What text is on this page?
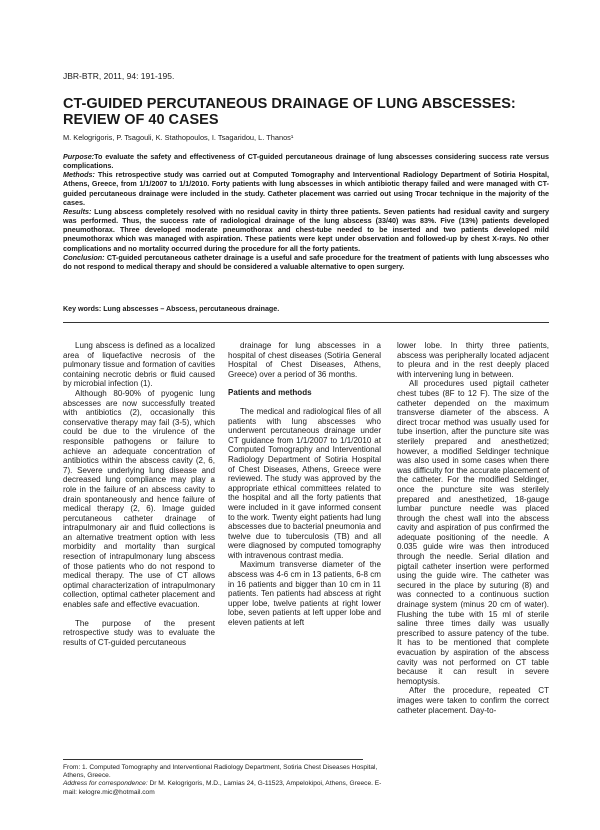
JBR-BTR, 2011, 94: 191-195.
CT-GUIDED PERCUTANEOUS DRAINAGE OF LUNG ABSCESSES: REVIEW OF 40 CASES
M. Kelogrigoris, P. Tsagouli, K. Stathopoulos, I. Tsagaridou, L. Thanos¹

Purpose:To evaluate the safety and effectiveness of CT-guided percutaneous drainage of lung abscesses considering success rate versus complications.

Methods: This retrospective study was carried out at Computed Tomography and Interventional Radiology Department of Sotiria Hospital, Athens, Greece, from 1/1/2007 to 1/1/2010. Forty patients with lung abscesses in which antibiotic therapy failed and were managed with CT-guided percutaneous drainage were included in the study. Catheter placement was carried out using Trocar technique in the majority of the cases.

Results: Lung abscess completely resolved with no residual cavity in thirty three patients. Seven patients had residual cavity and surgery was performed. Thus, the success rate of radiological drainage of the lung abscess (33/40) was 83%. Five (13%) patients developed pneumothorax. Three developed moderate pneumothorax and chest-tube needed to be inserted and two patients developed mild pneumothorax which was managed with aspiration. These patients were kept under observation and followed-up by chest X-rays. No other complications and no mortality occurred during the procedure for all the forty patients.

Conclusion: CT-guided percutaneous catheter drainage is a useful and safe procedure for the treatment of patients with lung abscesses who do not respond to medical therapy and should be considered a valuable alternative to open surgery.

Key words: Lung abscesses – Abscess, percutaneous drainage.

Lung abscess is defined as a localized area of liquefactive necrosis of the pulmonary tissue and formation of cavities containing necrotic debris or fluid caused by microbial infection (1).

Although 80-90% of pyogenic lung abscesses are now successfully treated with antibiotics (2), occasionally this conservative therapy may fail (3-5), which could be due to the virulence of the responsible pathogens or failure to achieve an adequate concentration of antibiotics within the abscess cavity (2, 6, 7). Severe underlying lung disease and decreased lung compliance may play a role in the failure of an abscess cavity to drain spontaneously and hence failure of medical therapy (2, 6). Image guided percutaneous catheter drainage of intrapulmonary air and fluid collections is an alternative treatment option with less morbidity and mortality than surgical resection of intrapulmonary lung abscess of those patients who do not respond to medical therapy. The use of CT allows optimal characterization of intrapulmonary collection, optimal catheter placement and enables safe and effective evacuation.

The purpose of the present retrospective study was to evaluate the results of CT-guided percutaneous

drainage for lung abscesses in a hospital of chest diseases (Sotiria General Hospital of Chest Diseases, Athens, Greece) over a period of 36 months.

Patients and methods

The medical and radiological files of all patients with lung abscesses who underwent percutaneous drainage under CT guidance from 1/1/2007 to 1/1/2010 at Computed Tomography and Interventional Radiology Department of Sotiria Hospital of Chest Diseases, Athens, Greece were reviewed. The study was approved by the appropriate ethical committees related to the hospital and all the forty patients that were included in it gave informed consent to the work. Twenty eight patients had lung abscesses due to bacterial pneumonia and twelve due to tuberculosis (TB) and all were diagnosed by computed tomography with intravenous contrast media.

Maximum transverse diameter of the abscess was 4-6 cm in 13 patients, 6-8 cm in 16 patients and bigger than 10 cm in 11 patients. Ten patients had abscess at right upper lobe, twelve patients at right lower lobe, seven patients at left upper lobe and eleven patients at left

lower lobe. In thirty three patients, abscess was peripherally located adjacent to pleura and in the rest deeply placed with intervening lung in between.

All procedures used pigtail catheter chest tubes (8F to 12 F). The size of the catheter depended on the maximum transverse diameter of the abscess. A direct trocar method was usually used for tube insertion, after the puncture site was sterilely prepared and anesthetized; however, a modified Seldinger technique was also used in some cases when there was difficulty for the accurate placement of the catheter. For the modified Seldinger, once the puncture site was sterilely prepared and anesthetized, 18-gauge lumbar puncture needle was placed through the chest wall into the abscess cavity and aspiration of pus confirmed the adequate positioning of the needle. A 0.035 guide wire was then introduced through the needle. Serial dilation and pigtail catheter insertion were performed using the guide wire. The catheter was secured in the place by suturing (8) and was connected to a continuous suction drainage system (minus 20 cm of water). Flushing the tube with 15 ml of sterile saline three times daily was usually prescribed to assure patency of the tube. It has to be mentioned that complete evacuation by aspiration of the abscess cavity was not performed on CT table because it can result in severe hemoptysis.

After the procedure, repeated CT images were taken to confirm the correct catheter placement. Day-to-

From: 1. Computed Tomography and Interventional Radiology Department, Sotiria Chest Diseases Hospital, Athens, Greece.

Address for correspondence: Dr M. Kelogrigoris, M.D., Lamias 24, G-11523, Ampelokipoi, Athens, Greece. E-mail: kelogre.mic@hotmail.com
